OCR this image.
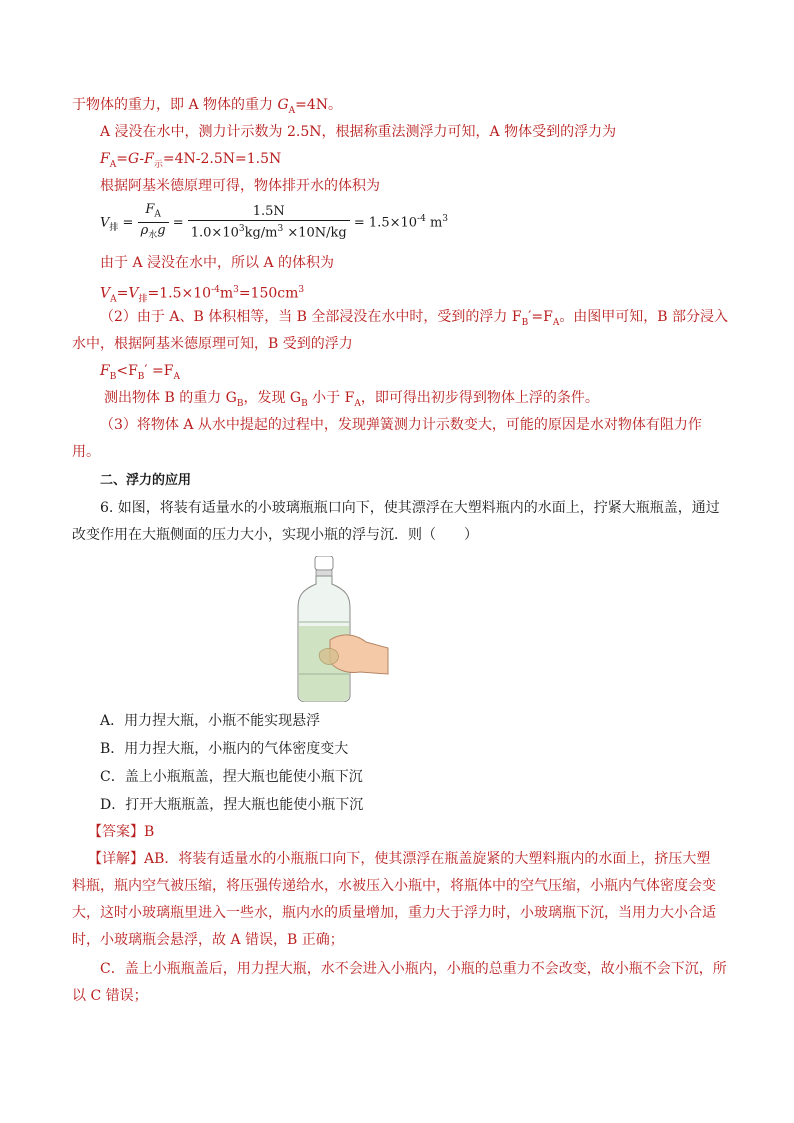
于物体的重力，即 A 物体的重力 $G_A=4N$。
A 浸没在水中，测力计示数为 2.5N，根据称重法测浮力可知，A 物体受到的浮力为
$F_A=G-F_示=4N-2.5N=1.5N$
根据阿基米德原理可得，物体排开水的体积为
$V_排 = \frac{F_A}{\rho_水g} = \frac{1.5N}{1.0\times 10^3kg/m^3 \times 10N/kg} = 1.5\times 10^{-4}$ $m^3$
由于 A 浸没在水中，所以 A 的体积为
$V_A=V_排=1.5\times 10^{-4}m^3=150cm^3$
（2）由于 A、B 体积相等，当 B 全部浸没在水中时，受到的浮力 $F_B'=F_A$。由图甲可知，B 部分浸入
水中，根据阿基米德原理可知，B 受到的浮力
$F_B<F_B' =F_A$
测出物体 B 的重力 $G_B$，发现 $G_B$ 小于 $F_A$，即可得出初步得到物体上浮的条件。
（3）将物体 A 从水中提起的过程中，发现弹簧测力计示数变大，可能的原因是水对物体有阻力作
用。
二、浮力的应用
6. 如图，将装有适量水的小玻璃瓶瓶口向下，使其漂浮在大塑料瓶内的水面上，拧紧大瓶瓶盖，通过
改变作用在大瓶侧面的压力大小，实现小瓶的浮与沉．则（　　）
A．用力捏大瓶，小瓶不能实现悬浮
B．用力捏大瓶，小瓶内的气体密度变大
C．盖上小瓶瓶盖，捏大瓶也能使小瓶下沉
D．打开大瓶瓶盖，捏大瓶也能使小瓶下沉
【答案】B
【详解】AB．将装有适量水的小瓶瓶口向下，使其漂浮在瓶盖旋紧的大塑料瓶内的水面上，挤压大塑
料瓶，瓶内空气被压缩，将压强传递给水，水被压入小瓶中，将瓶体中的空气压缩，小瓶内气体密度会变
大，这时小玻璃瓶里进入一些水，瓶内水的质量增加，重力大于浮力时，小玻璃瓶下沉，当用力大小合适
时，小玻璃瓶会悬浮，故 A 错误，B 正确；
C．盖上小瓶瓶盖后，用力捏大瓶，水不会进入小瓶内，小瓶的总重力不会改变，故小瓶不会下沉，所
以 C 错误；
